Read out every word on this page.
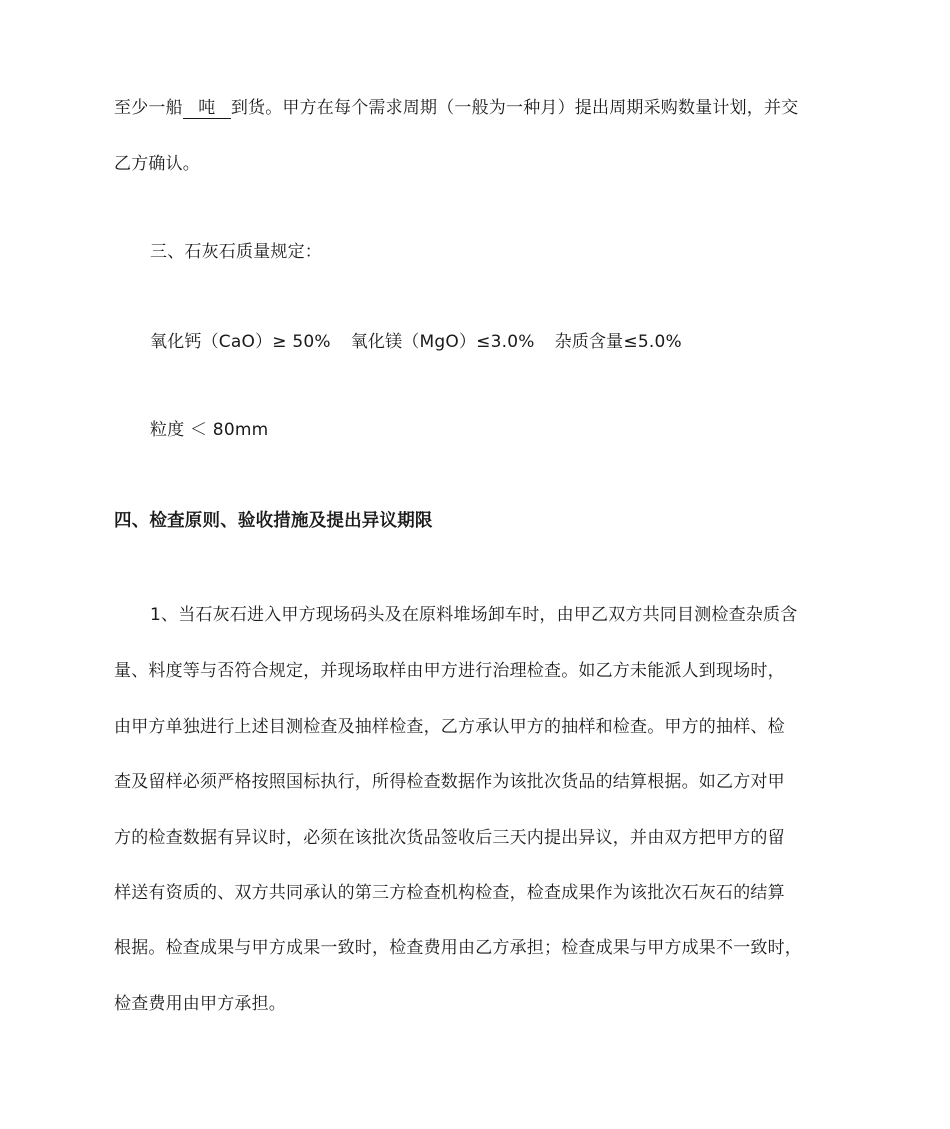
至少一船 吨 到货。甲方在每个需求周期（一般为一种月）提出周期采购数量计划，并交
乙方确认。
三、石灰石质量规定：
氧化钙（CaO）≥ 50% 氧化镁（MgO）≤3.0% 杂质含量≤5.0%
粒度 ＜ 80mm
四、检查原则、验收措施及提出异议期限
1、当石灰石进入甲方现场码头及在原料堆场卸车时，由甲乙双方共同目测检查杂质含
量、料度等与否符合规定，并现场取样由甲方进行治理检查。如乙方未能派人到现场时，
由甲方单独进行上述目测检查及抽样检查，乙方承认甲方的抽样和检查。甲方的抽样、检
查及留样必须严格按照国标执行，所得检查数据作为该批次货品的结算根据。如乙方对甲
方的检查数据有异议时，必须在该批次货品签收后三天内提出异议，并由双方把甲方的留
样送有资质的、双方共同承认的第三方检查机构检查，检查成果作为该批次石灰石的结算
根据。检查成果与甲方成果一致时，检查费用由乙方承担；检查成果与甲方成果不一致时，
检查费用由甲方承担。
